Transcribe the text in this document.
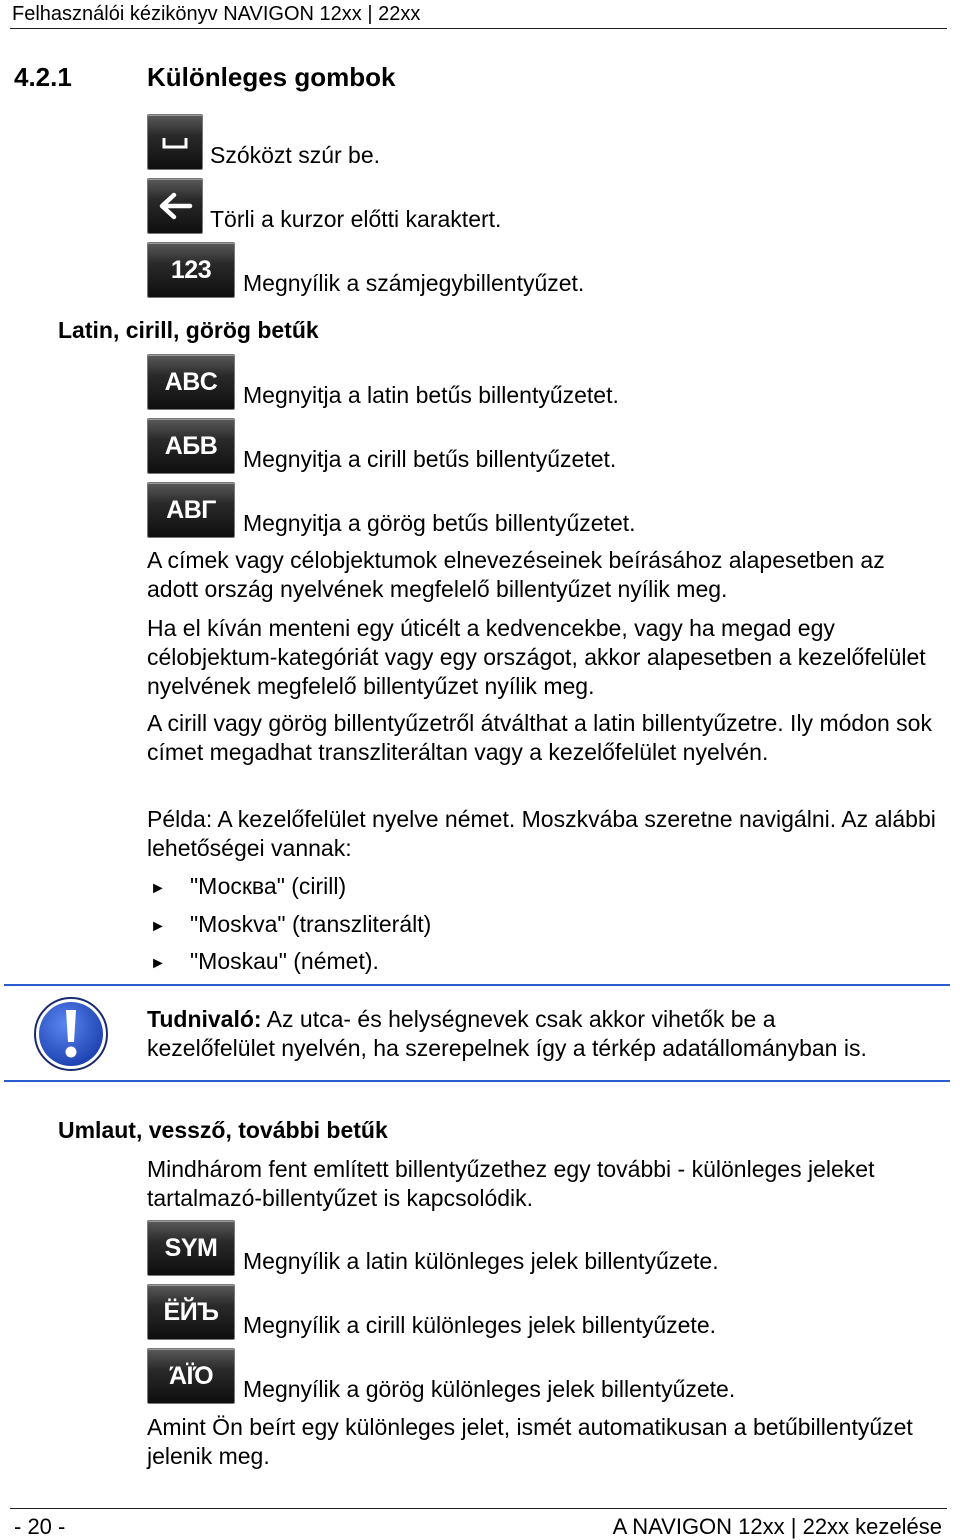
Felhasználói kézikönyv NAVIGON 12xx | 22xx
4.2.1	Különleges gombok
Szóközt szúr be.
Törli a kurzor előtti karaktert.
123	Megnyílik a számjegybillentyűzet.
Latin, cirill, görög betűk
ABC	Megnyitja a latin betűs billentyűzetet.
АБВ	Megnyitja a cirill betűs billentyűzetet.
ΑΒΓ	Megnyitja a görög betűs billentyűzetet.
A címek vagy célobjektumok elnevezéseinek beírásához alapesetben az adott ország nyelvének megfelelő billentyűzet nyílik meg.
Ha el kíván menteni egy úticélt a kedvencekbe, vagy ha megad egy célobjektum-kategóriát vagy egy országot, akkor alapesetben a kezelőfelület nyelvének megfelelő billentyűzet nyílik meg.
A cirill vagy görög billentyűzetről átválthat a latin billentyűzetre. Ily módon sok címet megadhat transzliteráltan vagy a kezelőfelület nyelvén.
Példa: A kezelőfelület nyelve német. Moszkvába szeretne navigálni. Az alábbi lehetőségei vannak:
► "Москва" (cirill)
► "Moskva" (transzliterált)
► "Moskau" (német).
Tudnivaló: Az utca- és helységnevek csak akkor vihetők be a
kezelőfelület nyelvén, ha szerepelnek így a térkép adatállományban is.
Umlaut, vessző, további betűk
Mindhárom fent említett billentyűzethez egy további - különleges jeleket tartalmazó-billentyűzet is kapcsolódik.
SYM	Megnyílik a latin különleges jelek billentyűzete.
ЁЙЪ	Megnyílik a cirill különleges jelek billentyűzete.
ΆΪΌ	Megnyílik a görög különleges jelek billentyűzete.
Amint Ön beírt egy különleges jelet, ismét automatikusan a betűbillentyűzet jelenik meg.
- 20 -	A NAVIGON 12xx | 22xx kezelése
